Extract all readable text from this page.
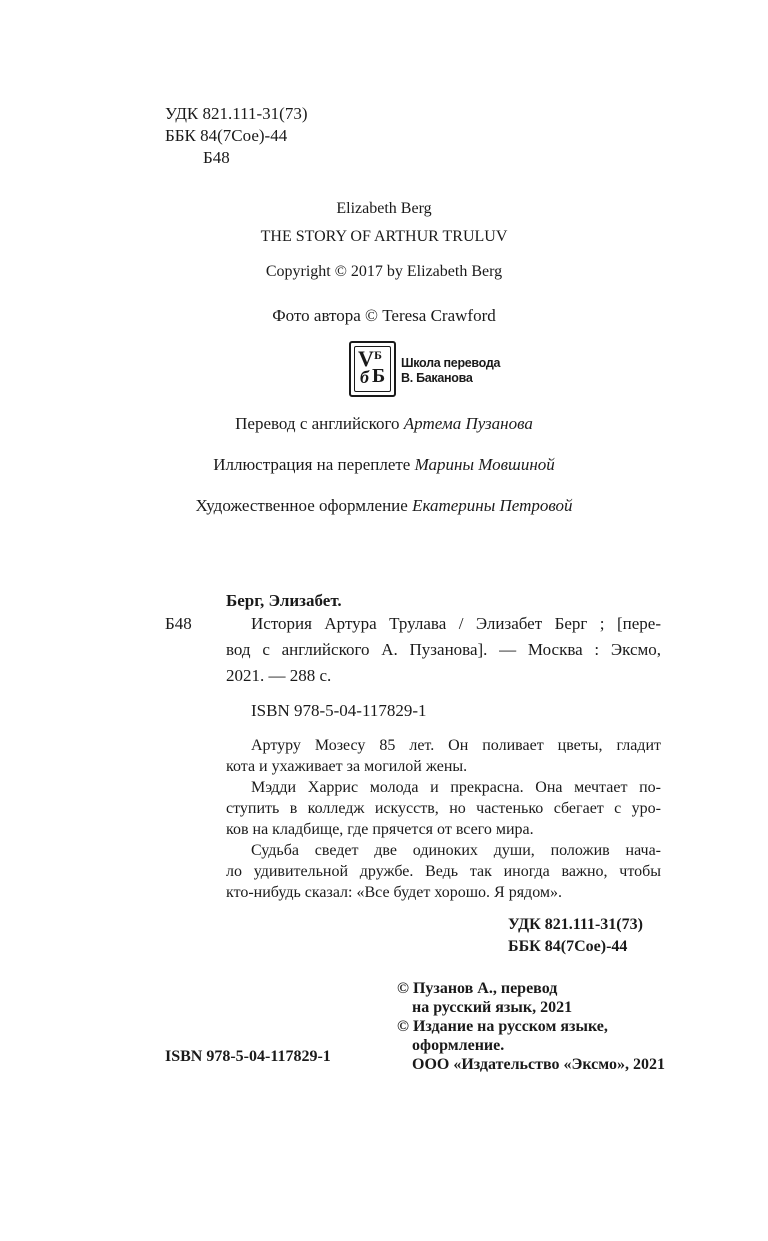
УДК 821.111-31(73)
ББК 84(7Сое)-44
Б48
Elizabeth Berg
THE STORY OF ARTHUR TRULUV
Copyright © 2017 by Elizabeth Berg
Фото автора © Teresa Crawford
V Б
б Б
Школа перевода
В. Баканова
Перевод с английского Артема Пузанова
Иллюстрация на переплете Марины Мовшиной
Художественное оформление Екатерины Петровой
Берг, Элизабет.
Б48	История Артура Трулава / Элизабет Берг ; [пере-
вод с английского А. Пузанова]. — Москва : Эксмо,
2021. — 288 с.
ISBN 978-5-04-117829-1
Артуру Мозесу 85 лет. Он поливает цветы, гладит
кота и ухаживает за могилой жены.
Мэдди Харрис молода и прекрасна. Она мечтает по-
ступить в колледж искусств, но частенько сбегает с уро-
ков на кладбище, где прячется от всего мира.
Судьба сведет две одиноких души, положив нача-
ло удивительной дружбе. Ведь так иногда важно, чтобы
кто-нибудь сказал: «Все будет хорошо. Я рядом».
УДК 821.111-31(73)
ББК 84(7Сое)-44
© Пузанов А., перевод
на русский язык, 2021
© Издание на русском языке,
оформление.
ООО «Издательство «Эксмо», 2021
ISBN 978-5-04-117829-1
